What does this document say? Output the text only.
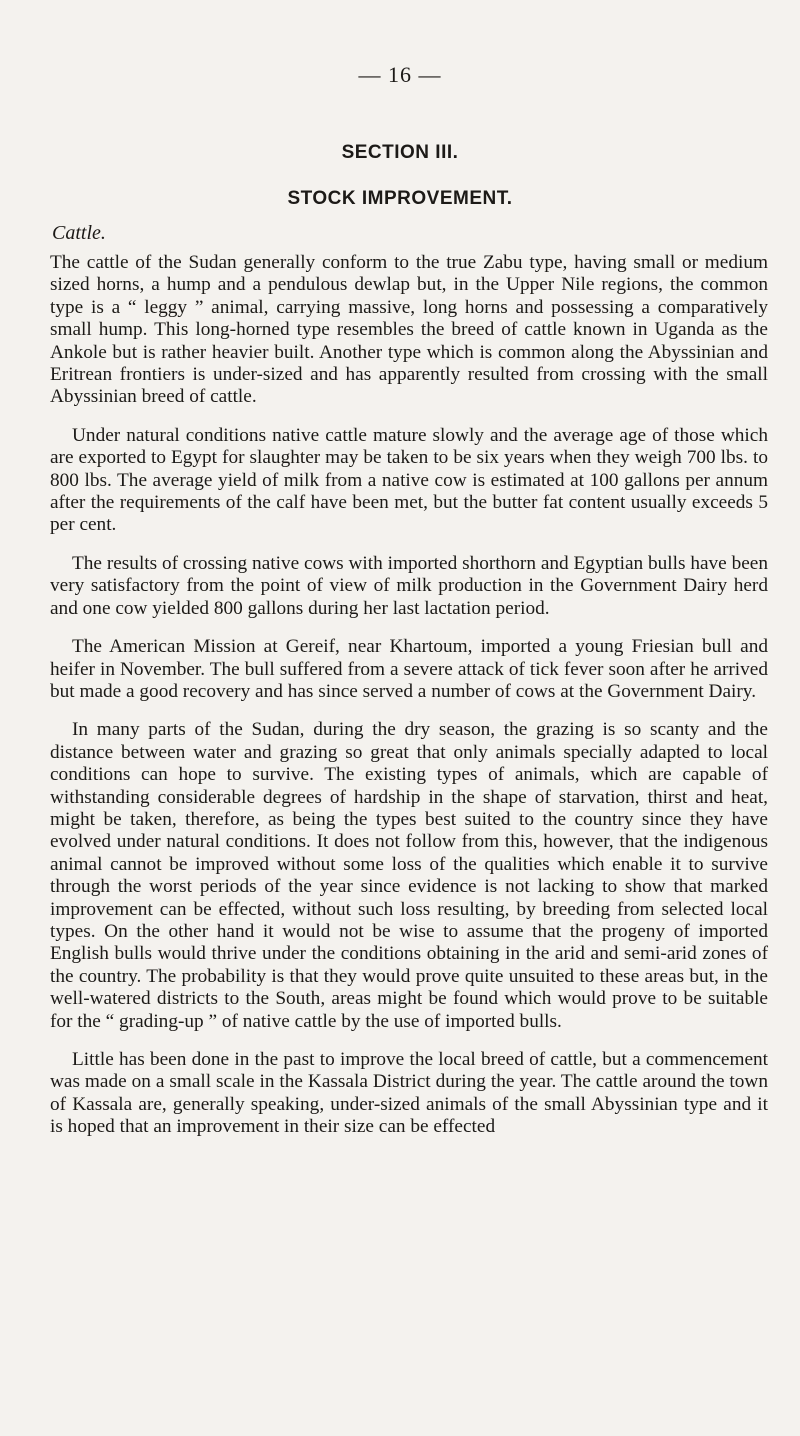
— 16 —
SECTION III.
STOCK IMPROVEMENT.
Cattle.

The cattle of the Sudan generally conform to the true Zabu type, having small or medium sized horns, a hump and a pendulous dewlap but, in the Upper Nile regions, the common type is a “ leggy ” animal, carrying massive, long horns and possessing a comparatively small hump. This long-horned type resembles the breed of cattle known in Uganda as the Ankole but is rather heavier built. Another type which is common along the Abyssinian and Eritrean frontiers is under-sized and has apparently resulted from crossing with the small Abyssinian breed of cattle.

Under natural conditions native cattle mature slowly and the average age of those which are exported to Egypt for slaughter may be taken to be six years when they weigh 700 lbs. to 800 lbs. The average yield of milk from a native cow is estimated at 100 gallons per annum after the requirements of the calf have been met, but the butter fat content usually exceeds 5 per cent.

The results of crossing native cows with imported shorthorn and Egyptian bulls have been very satisfactory from the point of view of milk production in the Government Dairy herd and one cow yielded 800 gallons during her last lactation period.

The American Mission at Gereif, near Khartoum, imported a young Friesian bull and heifer in November. The bull suffered from a severe attack of tick fever soon after he arrived but made a good recovery and has since served a number of cows at the Government Dairy.

In many parts of the Sudan, during the dry season, the grazing is so scanty and the distance between water and grazing so great that only animals specially adapted to local conditions can hope to survive. The existing types of animals, which are capable of withstanding considerable degrees of hardship in the shape of starvation, thirst and heat, might be taken, therefore, as being the types best suited to the country since they have evolved under natural conditions. It does not follow from this, however, that the indigenous animal cannot be improved without some loss of the qualities which enable it to survive through the worst periods of the year since evidence is not lacking to show that marked improvement can be effected, without such loss resulting, by breeding from selected local types. On the other hand it would not be wise to assume that the progeny of imported English bulls would thrive under the conditions obtaining in the arid and semi-arid zones of the country. The probability is that they would prove quite unsuited to these areas but, in the well-watered districts to the South, areas might be found which would prove to be suitable for the “ grading-up ” of native cattle by the use of imported bulls.

Little has been done in the past to improve the local breed of cattle, but a commencement was made on a small scale in the Kassala District during the year. The cattle around the town of Kassala are, generally speaking, under-sized animals of the small Abyssinian type and it is hoped that an improvement in their size can be effected
